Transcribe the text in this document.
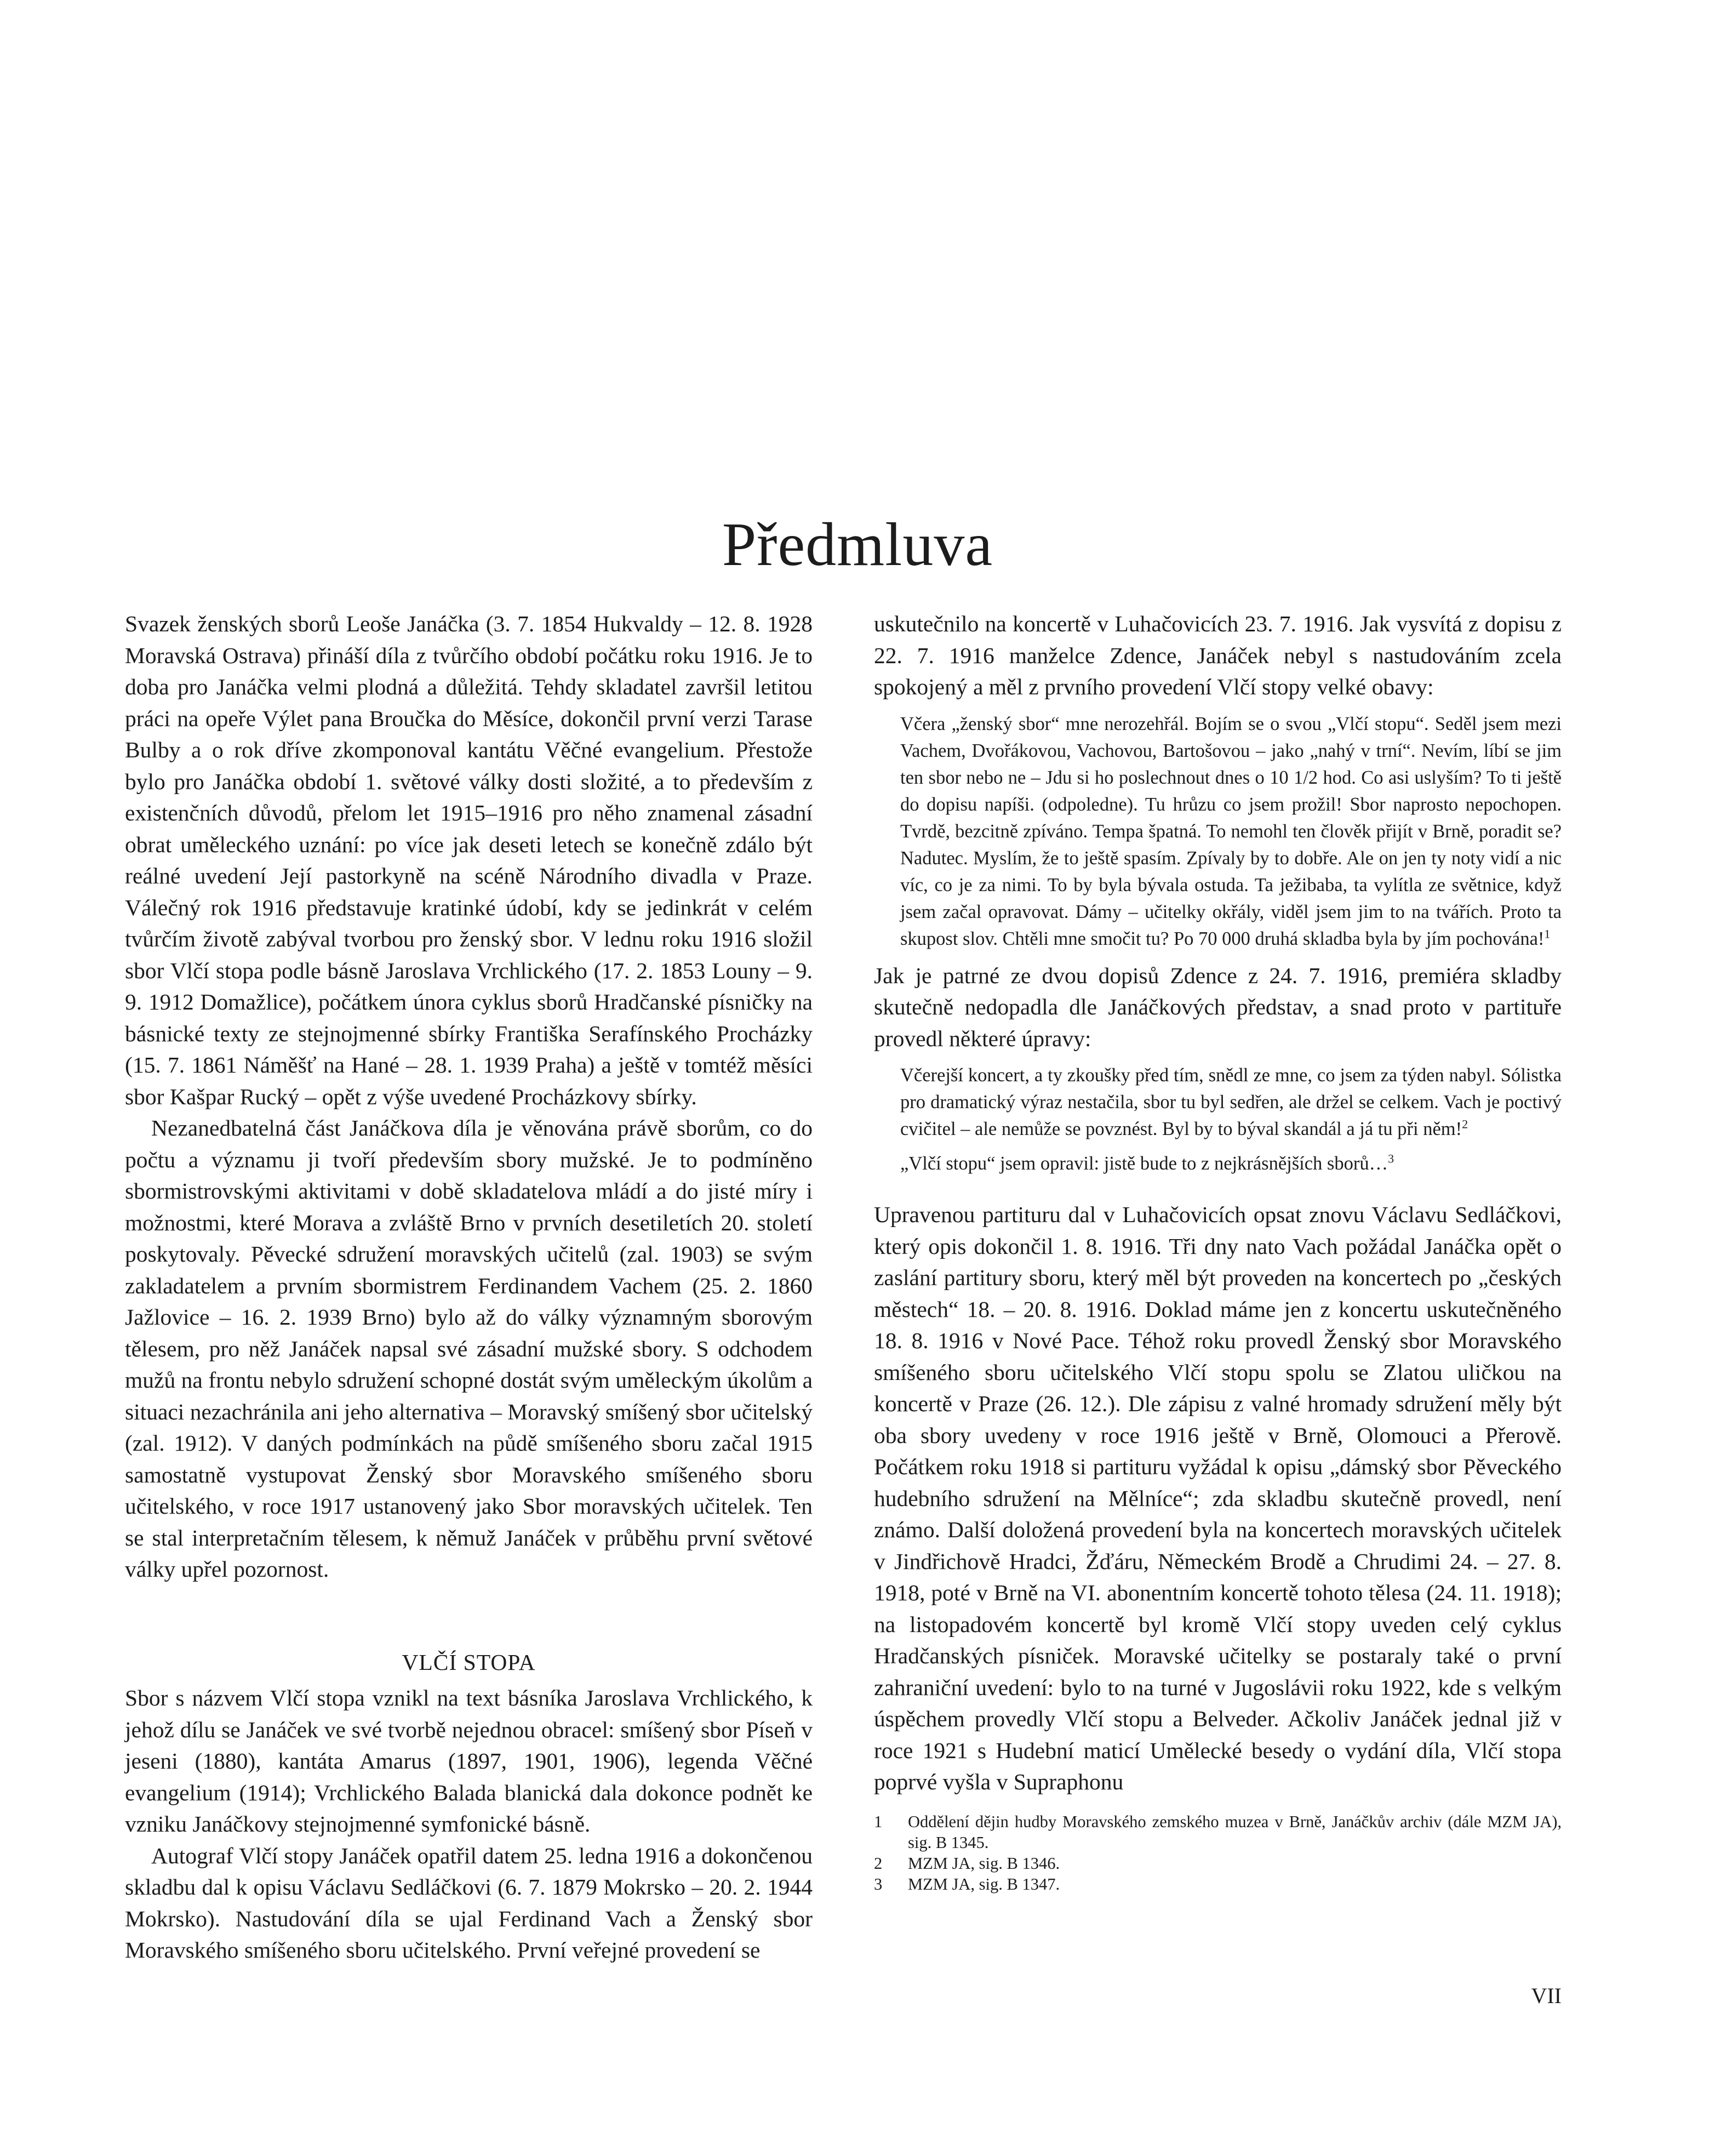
Předmluva

Svazek ženských sborů Leoše Janáčka (3. 7. 1854 Hukvaldy – 12. 8. 1928 Moravská Ostrava) přináší díla z tvůrčího období počátku roku 1916. Je to doba pro Janáčka velmi plodná a důležitá. Tehdy skladatel završil letitou práci na opeře Výlet pana Broučka do Měsíce, dokončil první verzi Tarase Bulby a o rok dříve zkomponoval kantátu Věčné evangelium. Přestože bylo pro Janáčka období 1. světové války dosti složité, a to především z existenčních důvodů, přelom let 1915–1916 pro něho znamenal zásadní obrat uměleckého uznání: po více jak deseti letech se konečně zdálo být reálné uvedení Její pastorkyně na scéně Národního divadla v Praze. Válečný rok 1916 představuje kratinké údobí, kdy se jedinkrát v celém tvůrčím životě zabýval tvorbou pro ženský sbor. V lednu roku 1916 složil sbor Vlčí stopa podle básně Jaroslava Vrchlického (17. 2. 1853 Louny – 9. 9. 1912 Domažlice), počátkem února cyklus sborů Hradčanské písničky na básnické texty ze stejnojmenné sbírky Františka Serafínského Procházky (15. 7. 1861 Náměšť na Hané – 28. 1. 1939 Praha) a ještě v tomtéž měsíci sbor Kašpar Rucký – opět z výše uvedené Procházkovy sbírky.

Nezanedbatelná část Janáčkova díla je věnována právě sborům, co do počtu a významu ji tvoří především sbory mužské. Je to podmíněno sbormistrovskými aktivitami v době skladatelova mládí a do jisté míry i možnostmi, které Morava a zvláště Brno v prvních desetiletích 20. století poskytovaly. Pěvecké sdružení moravských učitelů (zal. 1903) se svým zakladatelem a prvním sbormistrem Ferdinandem Vachem (25. 2. 1860 Jažlovice – 16. 2. 1939 Brno) bylo až do války významným sborovým tělesem, pro něž Janáček napsal své zásadní mužské sbory. S odchodem mužů na frontu nebylo sdružení schopné dostát svým uměleckým úkolům a situaci nezachránila ani jeho alternativa – Moravský smíšený sbor učitelský (zal. 1912). V daných podmínkách na půdě smíšeného sboru začal 1915 samostatně vystupovat Ženský sbor Moravského smíšeného sboru učitelského, v roce 1917 ustanovený jako Sbor moravských učitelek. Ten se stal interpretačním tělesem, k němuž Janáček v průběhu první světové války upřel pozornost.

VLČÍ STOPA

Sbor s názvem Vlčí stopa vznikl na text básníka Jaroslava Vrchlického, k jehož dílu se Janáček ve své tvorbě nejednou obracel: smíšený sbor Píseň v jeseni (1880), kantáta Amarus (1897, 1901, 1906), legenda Věčné evangelium (1914); Vrchlického Balada blanická dala dokonce podnět ke vzniku Janáčkovy stejnojmenné symfonické básně.

Autograf Vlčí stopy Janáček opatřil datem 25. ledna 1916 a dokončenou skladbu dal k opisu Václavu Sedláčkovi (6. 7. 1879 Mokrsko – 20. 2. 1944 Mokrsko). Nastudování díla se ujal Ferdinand Vach a Ženský sbor Moravského smíšeného sboru učitelského. První veřejné provedení se

uskutečnilo na koncertě v Luhačovicích 23. 7. 1916. Jak vysvítá z dopisu z 22. 7. 1916 manželce Zdence, Janáček nebyl s nastudováním zcela spokojený a měl z prvního provedení Vlčí stopy velké obavy:

Včera „ženský sbor“ mne nerozehřál. Bojím se o svou „Vlčí stopu“. Seděl jsem mezi Vachem, Dvořákovou, Vachovou, Bartošovou – jako „nahý v trní“. Nevím, líbí se jim ten sbor nebo ne – Jdu si ho poslechnout dnes o 10 1/2 hod. Co asi uslyším? To ti ještě do dopisu napíši. (odpoledne). Tu hrůzu co jsem prožil! Sbor naprosto nepochopen. Tvrdě, bezcitně zpíváno. Tempa špatná. To nemohl ten člověk přijít v Brně, poradit se? Nadutec. Myslím, že to ještě spasím. Zpívaly by to dobře. Ale on jen ty noty vidí a nic víc, co je za nimi. To by byla bývala ostuda. Ta ježibaba, ta vylítla ze světnice, když jsem začal opravovat. Dámy – učitelky okřály, viděl jsem jim to na tvářích. Proto ta skupost slov. Chtěli mne smočit tu? Po 70 000 druhá skladba byla by jím pochována!$^1$

Jak je patrné ze dvou dopisů Zdence z 24. 7. 1916, premiéra skladby skutečně nedopadla dle Janáčkových představ, a snad proto v partituře provedl některé úpravy:

Včerejší koncert, a ty zkoušky před tím, snědl ze mne, co jsem za týden nabyl. Sólistka pro dramatický výraz nestačila, sbor tu byl sedřen, ale držel se celkem. Vach je poctivý cvičitel – ale nemůže se povznést. Byl by to býval skandál a já tu při něm!$^2$

„Vlčí stopu“ jsem opravil: jistě bude to z nejkrásnějších sborů…$^3$

Upravenou partituru dal v Luhačovicích opsat znovu Václavu Sedláčkovi, který opis dokončil 1. 8. 1916. Tři dny nato Vach požádal Janáčka opět o zaslání partitury sboru, který měl být proveden na koncertech po „českých městech“ 18. – 20. 8. 1916. Doklad máme jen z koncertu uskutečněného 18. 8. 1916 v Nové Pace. Téhož roku provedl Ženský sbor Moravského smíšeného sboru učitelského Vlčí stopu spolu se Zlatou uličkou na koncertě v Praze (26. 12.). Dle zápisu z valné hromady sdružení měly být oba sbory uvedeny v roce 1916 ještě v Brně, Olomouci a Přerově. Počátkem roku 1918 si partituru vyžádal k opisu „dámský sbor Pěveckého hudebního sdružení na Mělníce“; zda skladbu skutečně provedl, není známo. Další doložená provedení byla na koncertech moravských učitelek v Jindřichově Hradci, Žďáru, Německém Brodě a Chrudimi 24. – 27. 8. 1918, poté v Brně na VI. abonentním koncertě tohoto tělesa (24. 11. 1918); na listopadovém koncertě byl kromě Vlčí stopy uveden celý cyklus Hradčanských písniček. Moravské učitelky se postaraly také o první zahraniční uvedení: bylo to na turné v Jugoslávii roku 1922, kde s velkým úspěchem provedly Vlčí stopu a Belveder. Ačkoliv Janáček jednal již v roce 1921 s Hudební maticí Umělecké besedy o vydání díla, Vlčí stopa poprvé vyšla v Supraphonu

1	Oddělení dějin hudby Moravského zemského muzea v Brně, Janáčkův archiv (dále MZM JA), sig. B 1345.
2	MZM JA, sig. B 1346.
3	MZM JA, sig. B 1347.
VII
